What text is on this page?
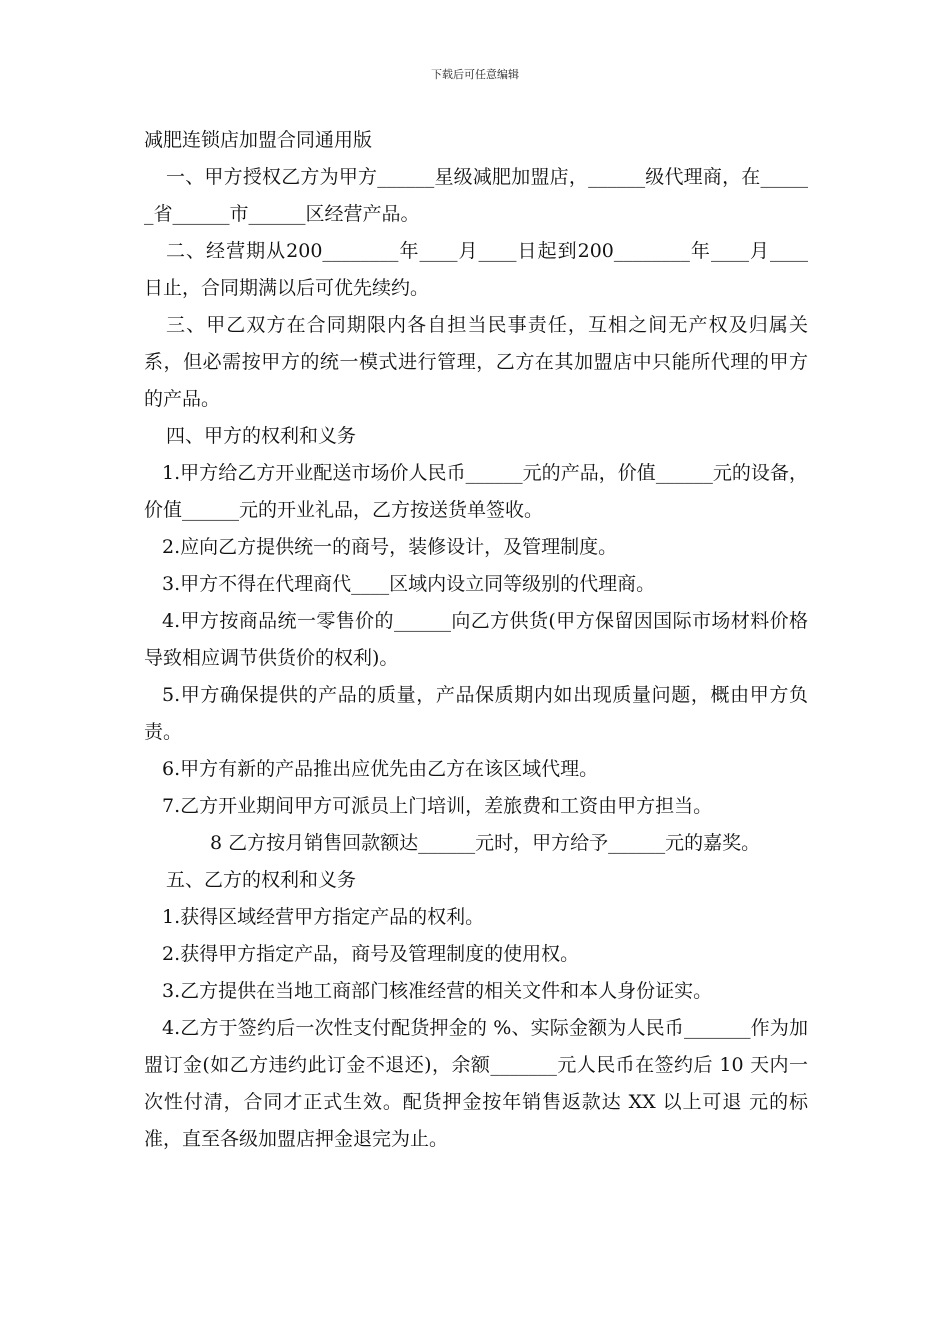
下载后可任意编辑
减肥连锁店加盟合同通用版

一、甲方授权乙方为甲方______星级减肥加盟店，______级代理商，在______省______市______区经营产品。

二、经营期从200________年____月____日起到200________年____月____日止，合同期满以后可优先续约。

三、甲乙双方在合同期限内各自担当民事责任，互相之间无产权及归属关系，但必需按甲方的统一模式进行管理，乙方在其加盟店中只能所代理的甲方的产品。

四、甲方的权利和义务

1.甲方给乙方开业配送市场价人民币______元的产品，价值______元的设备，价值______元的开业礼品，乙方按送货单签收。

2.应向乙方提供统一的商号，装修设计，及管理制度。

3.甲方不得在代理商代____区域内设立同等级别的代理商。

4.甲方按商品统一零售价的______向乙方供货(甲方保留因国际市场材料价格导致相应调节供货价的权利)。

5.甲方确保提供的产品的质量，产品保质期内如出现质量问题，概由甲方负责。

6.甲方有新的产品推出应优先由乙方在该区域代理。

7.乙方开业期间甲方可派员上门培训，差旅费和工资由甲方担当。

8 乙方按月销售回款额达______元时，甲方给予______元的嘉奖。

五、乙方的权利和义务

1.获得区域经营甲方指定产品的权利。

2.获得甲方指定产品，商号及管理制度的使用权。

3.乙方提供在当地工商部门核准经营的相关文件和本人身份证实。

4.乙方于签约后一次性支付配货押金的 %、实际金额为人民币_______作为加盟订金(如乙方违约此订金不退还)，余额_______元人民币在签约后 10 天内一次性付清，合同才正式生效。配货押金按年销售返款达 XX 以上可退 元的标准，直至各级加盟店押金退完为止。
